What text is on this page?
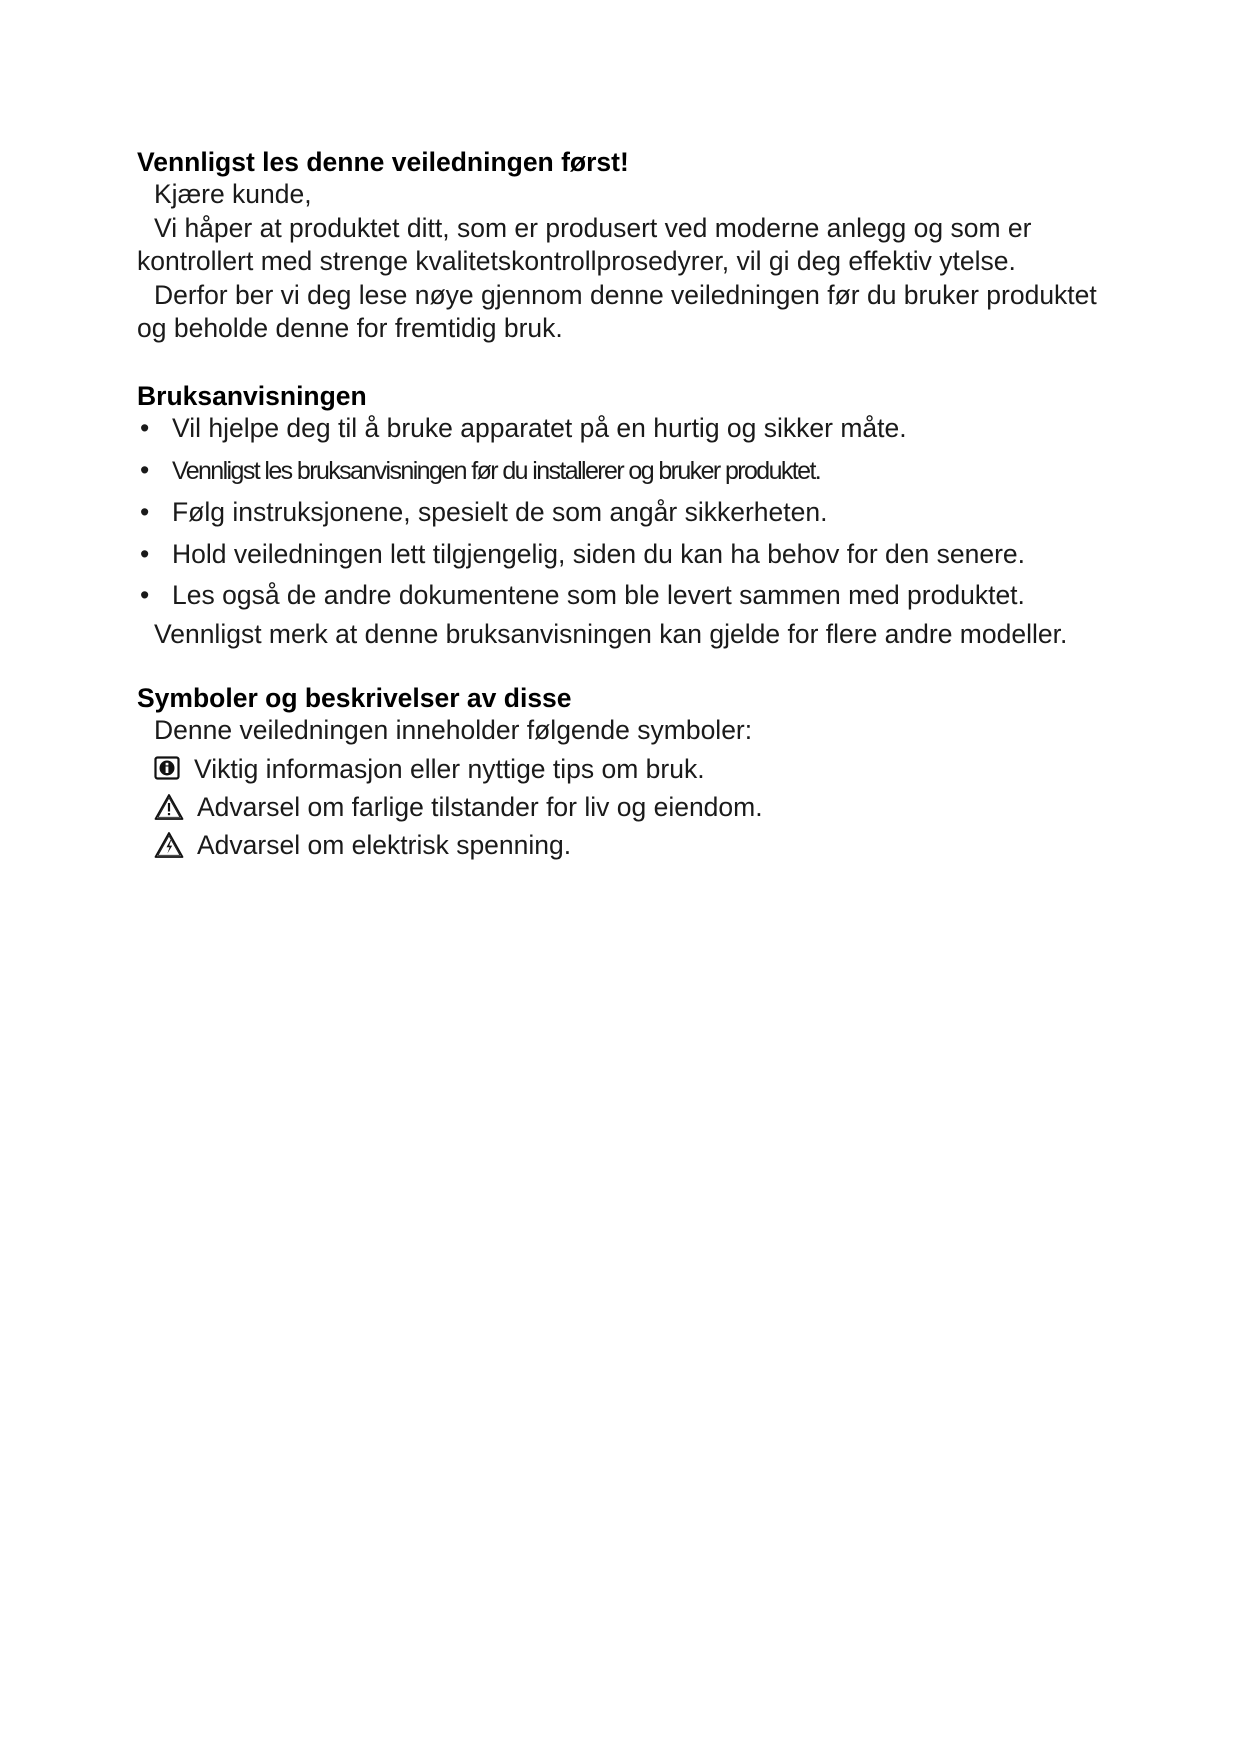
Vennligst les denne veiledningen først!

Kjære kunde,

Vi håper at produktet ditt, som er produsert ved moderne anlegg og som er

kontrollert med strenge kvalitetskontrollprosedyrer, vil gi deg effektiv ytelse.

Derfor ber vi deg lese nøye gjennom denne veiledningen før du bruker produktet

og beholde denne for fremtidig bruk.

Bruksanvisningen

• Vil hjelpe deg til å bruke apparatet på en hurtig og sikker måte.
• Vennligst les bruksanvisningen før du installerer og bruker produktet.
• Følg instruksjonene, spesielt de som angår sikkerheten.
• Hold veiledningen lett tilgjengelig, siden du kan ha behov for den senere.
• Les også de andre dokumentene som ble levert sammen med produktet.

Vennligst merk at denne bruksanvisningen kan gjelde for flere andre modeller.

Symboler og beskrivelser av disse

Denne veiledningen inneholder følgende symboler:

Viktig informasjon eller nyttige tips om bruk.
Advarsel om farlige tilstander for liv og eiendom.
Advarsel om elektrisk spenning.
